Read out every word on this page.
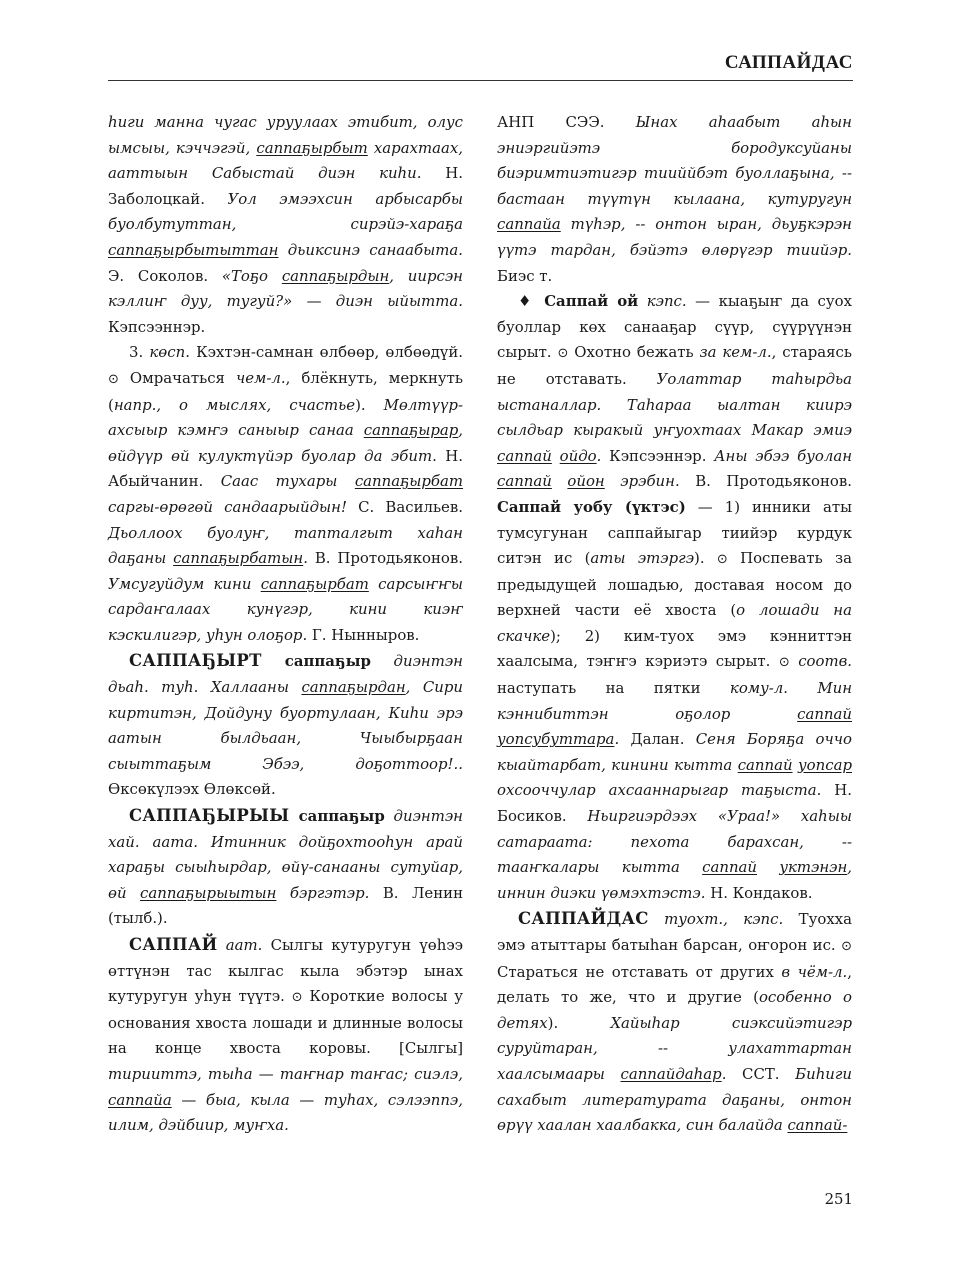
САППАЙДАС

һиги манна чугас уруулаах этибит, олус ымсыы, кэччэгэй, саппаҕырбыт харахтаах, ааттыын Сабыстай диэн киһи. Н. Заболоцкай. Уол эмээхсин арбысарбы буолбутуттан, сирэйэ-хараҕа саппаҕырбытыттан дьиксинэ санаабыта. Э. Соколов. «Тоҕо саппаҕырдын, иирсэн кэллиҥ дуу, тугуй?» — диэн ыйытта. Кэпсээннэр.

3. көсп. Кэхтэн-самнан өлбөөр, өлбөөдүй. ⊙ Омрачаться чем-л., блёкнуть, меркнуть (напр., о мыслях, счастье). Мөлтүүр-ахсыыр кэмҥэ саныыр санаа саппаҕырар, өйдүүр өй кулуктүйэр буолар да эбит. Н. Абыйчанин. Саас тухары саппаҕырбат саргы-өрөгөй сандаарыйдын! С. Васильев. Дьоллоох буолуҥ, тапталгыт хаһан даҕаны саппаҕырбатын. В. Протодьяконов. Умсугуйдум кини саппаҕырбат сарсыҥҥы сардаҥалаах кунүгэр, кини киэҥ кэскилигэр, уһун олоҕор. Г. Нынныров.

САППАҔЫРТ саппаҕыр диэнтэн дьаһ. туһ. Халлааны саппаҕырдан, Сири киртитэн, Дойдуну буортулаан, Киһи эрэ аатын былдьаан, Чыыбырҕаан сыыттаҕым Эбээ, доҕоттоор!.. Өксөкүлээх Өлөксөй.

САППАҔЫРЫЫ саппаҕыр диэнтэн хай. аата. Итинник дойҕохтооһун арай хараҕы сыыһырдар, өйү-санааны сутуйар, өй саппаҕырыытын бэргэтэр. В. Ленин (тылб.).

САППАЙ аат. Сылгы кутуругун үөһээ өттүнэн тас кылгас кыла эбэтэр ынах кутуругун уһун түүтэ. ⊙ Короткие волосы у основания хвоста лошади и длинные волосы на конце хвоста коровы. [Сылгы] тирииттэ, тыһа — таҥнар таҥас; сиэлэ, саппайа — быа, кыла — туһах, сэлээппэ, илим, дэйбиир, муҥха.

АНП СЭЭ. Ынах аһаабыт аһын эниэргийэтэ бородуксуйаны биэримтиэтигэр тииййбэт буоллаҕына, -- бастаан түүтүн кылаана, кутуругун саппайа түһэр, -- онтон ыран, дьуҕкэрэн үүтэ тардан, бэйэтэ өлөрүгэр тиийэр. Биэс т.

♦ Саппай ой кэпс. — кыаҕыҥ да суох буоллар көх санааҕар сүүр, сүүрүүнэн сырыт. ⊙ Охотно бежать за кем-л., стараясь не отставать. Уолаттар таһырдьа ыстаналлар. Таһараа ыалтан киирэ сылдьар кыракый уҥуохтаах Макар эмиэ саппай ойдо. Кэпсээннэр. Аны эбээ буолан саппай ойон эрэбин. В. Протодьяконов. Саппай уобу (үктэс) — 1) инники аты тумсугунан саппайыгар тиийэр курдук ситэн ис (аты этэргэ). ⊙ Поспевать за предыдущей лошадью, доставая носом до верхней части её хвоста (о лошади на скачке); 2) ким-туох эмэ кэнниттэн хаалсыма, тэҥҥэ кэриэтэ сырыт. ⊙ соотв. наступать на пятки кому-л. Мин кэннибиттэн оҕолор саппай уопсубуттара. Далан. Сеня Боряҕа оччо кыайтарбат, кинини кытта саппай уопсар охсооччулар ахсааннарыгар таҕыста. Н. Босиков. Ньиргиэрдээх «Ураа!» хаһыы сатараата: пехота барахсан, -- тааҥкалары кытта саппай уктэнэн, иннин диэки үөмэхтэстэ. Н. Кондаков.

САППАЙДАС туохт., кэпс. Туохха эмэ атыттары батыһан барсан, оҥорон ис. ⊙ Стараться не отставать от других в чём-л., делать то же, что и другие (особенно о детях). Хайыһар сиэксийэтигэр суруйтаран, -- улахаттартан хаалсымаары саппайдаһар. ССТ. Биһиги сахабыт литературата даҕаны, онтон өрүү хаалан хаалбакка, син балайда саппай-

251
